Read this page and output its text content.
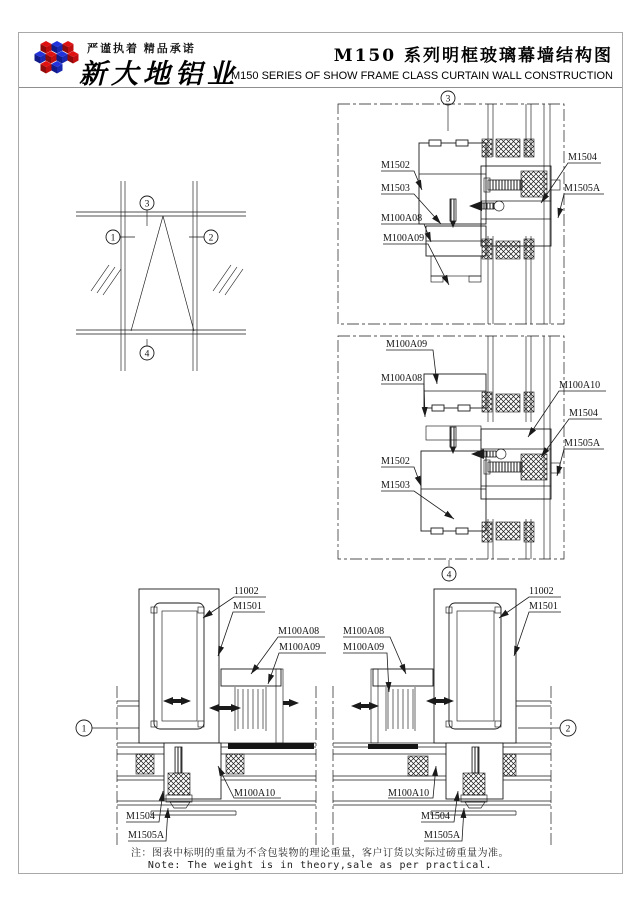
严谨执着 精品承诺
新大地铝业
M150 系列明框玻璃幕墙结构图
M150 SERIES OF SHOW FRAME CLASS CURTAIN WALL CONSTRUCTION
3
1	2
4
3
M1502
M1503
M100A08
M100A09
M1504
M1505A
4
M100A09
M100A08
M100A10
M1504
M1505A
M1502
M1503
1	2
11002
M1501
M100A08
M100A09
M100A10
M1504
M1505A
11002
M1501
M100A08
M100A09
M100A10
M1504
M1505A
注：图表中标明的重量为不含包装物的理论重量，客户订货以实际过磅重量为准。
Note: The weight is in theory,sale as per practical.
